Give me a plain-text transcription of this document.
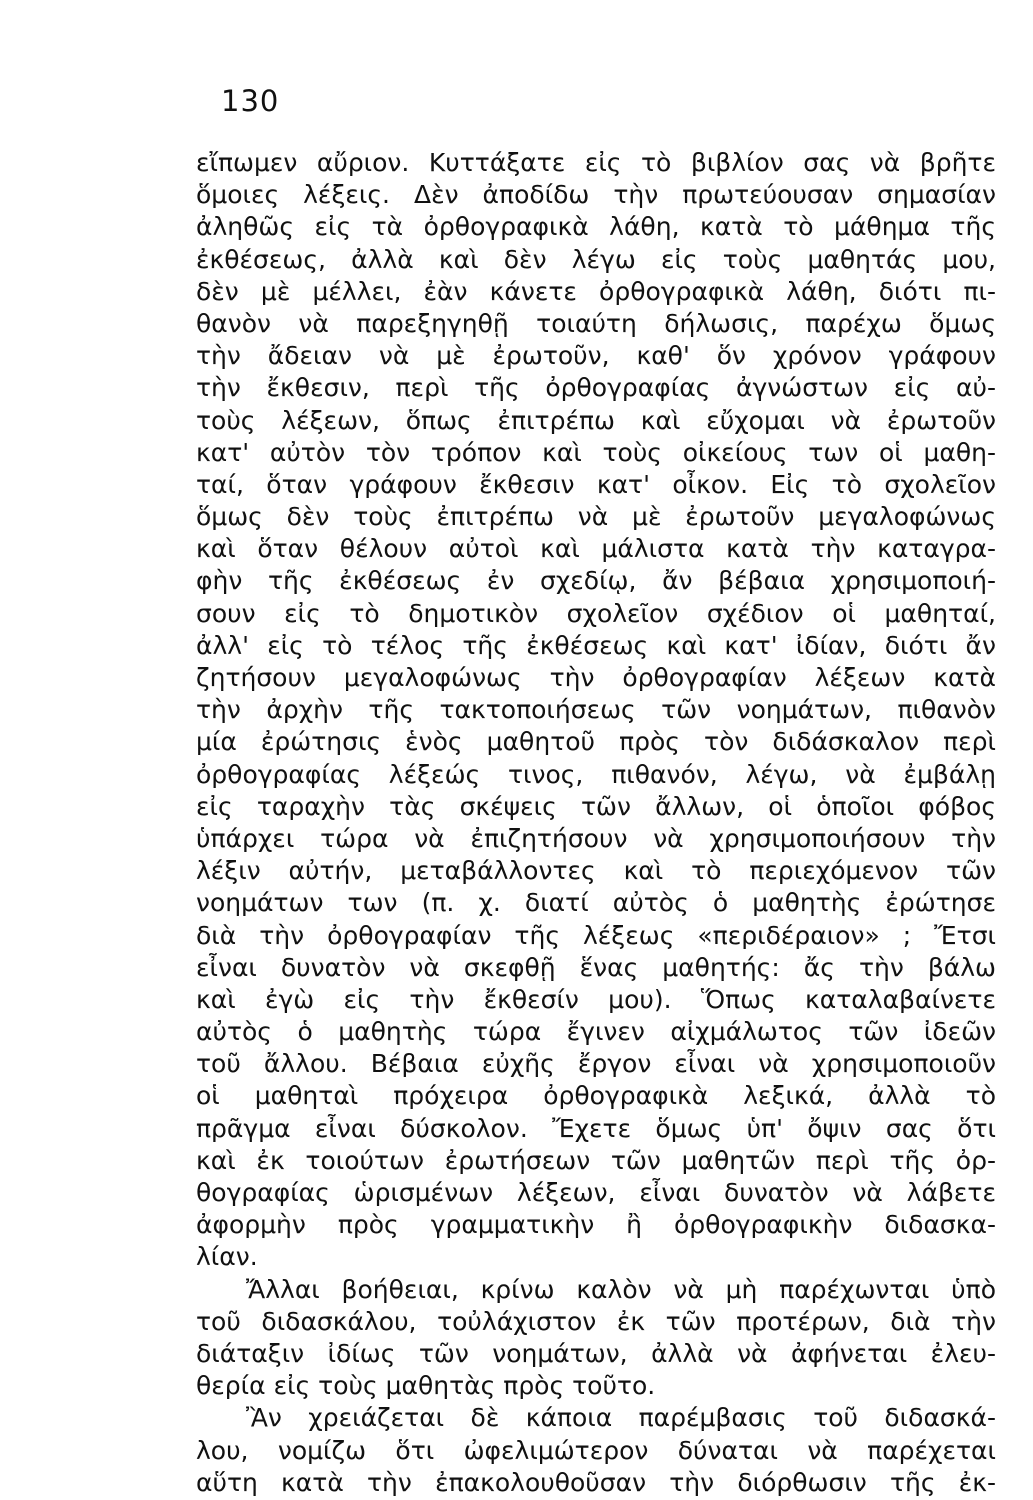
130
εἴπωμεν αὔριον. Κυττάξατε εἰς τὸ βιβλίον σας νὰ βρῆτε
ὅμοιες λέξεις. Δὲν ἀποδίδω τὴν πρωτεύουσαν σημασίαν
ἀληθῶς εἰς τὰ ὀρθογραφικὰ λάθη, κατὰ τὸ μάθημα τῆς
ἐκθέσεως, ἀλλὰ καὶ δὲν λέγω εἰς τοὺς μαθητάς μου,
δὲν μὲ μέλλει, ἐὰν κάνετε ὀρθογραφικὰ λάθη, διότι πι-
θανὸν νὰ παρεξηγηθῇ τοιαύτη δήλωσις, παρέχω ὅμως
τὴν ἄδειαν νὰ μὲ ἐρωτοῦν, καθ' ὅν χρόνον γράφουν
τὴν ἔκθεσιν, περὶ τῆς ὀρθογραφίας ἀγνώστων εἰς αὐ-
τοὺς λέξεων, ὅπως ἐπιτρέπω καὶ εὔχομαι νὰ ἐρωτοῦν
κατ' αὐτὸν τὸν τρόπον καὶ τοὺς οἰκείους των οἱ μαθη-
ταί, ὅταν γράφουν ἔκθεσιν κατ' οἶκον. Εἰς τὸ σχολεῖον
ὅμως δὲν τοὺς ἐπιτρέπω νὰ μὲ ἐρωτοῦν μεγαλοφώνως
καὶ ὅταν θέλουν αὐτοὶ καὶ μάλιστα κατὰ τὴν καταγρα-
φὴν τῆς ἐκθέσεως ἐν σχεδίῳ, ἄν βέβαια χρησιμοποιή-
σουν εἰς τὸ δημοτικὸν σχολεῖον σχέδιον οἱ μαθηταί,
ἀλλ' εἰς τὸ τέλος τῆς ἐκθέσεως καὶ κατ' ἰδίαν, διότι ἄν
ζητήσουν μεγαλοφώνως τὴν ὀρθογραφίαν λέξεων κατὰ
τὴν ἀρχὴν τῆς τακτοποιήσεως τῶν νοημάτων, πιθανὸν
μία ἐρώτησις ἑνὸς μαθητοῦ πρὸς τὸν διδάσκαλον περὶ
ὀρθογραφίας λέξεώς τινος, πιθανόν, λέγω, νὰ ἐμβάλῃ
εἰς ταραχὴν τὰς σκέψεις τῶν ἄλλων, οἱ ὁποῖοι φόβος
ὑπάρχει τώρα νὰ ἐπιζητήσουν νὰ χρησιμοποιήσουν τὴν
λέξιν αὐτήν, μεταβάλλοντες καὶ τὸ περιεχόμενον τῶν
νοημάτων των (π. χ. διατί αὐτὸς ὁ μαθητὴς ἐρώτησε
διὰ τὴν ὀρθογραφίαν τῆς λέξεως «περιδέραιον» ; Ἔτσι
εἶναι δυνατὸν νὰ σκεφθῇ ἕνας μαθητής: ἄς τὴν βάλω
καὶ ἐγὼ εἰς τὴν ἔκθεσίν μου). Ὅπως καταλαβαίνετε
αὐτὸς ὁ μαθητὴς τώρα ἔγινεν αἰχμάλωτος τῶν ἰδεῶν
τοῦ ἄλλου. Βέβαια εὐχῆς ἔργον εἶναι νὰ χρησιμοποιοῦν
οἱ μαθηταὶ πρόχειρα ὀρθογραφικὰ λεξικά, ἀλλὰ τὸ
πρᾶγμα εἶναι δύσκολον. Ἔχετε ὅμως ὑπ' ὄψιν σας ὅτι
καὶ ἐκ τοιούτων ἐρωτήσεων τῶν μαθητῶν περὶ τῆς ὀρ-
θογραφίας ὡρισμένων λέξεων, εἶναι δυνατὸν νὰ λάβετε
ἀφορμὴν πρὸς γραμματικὴν ἢ ὀρθογραφικὴν διδασκα-
λίαν.
Ἄλλαι βοήθειαι, κρίνω καλὸν νὰ μὴ παρέχωνται ὑπὸ
τοῦ διδασκάλου, τοὐλάχιστον ἐκ τῶν προτέρων, διὰ τὴν
διάταξιν ἰδίως τῶν νοημάτων, ἀλλὰ νὰ ἀφήνεται ἐλευ-
θερία εἰς τοὺς μαθητὰς πρὸς τοῦτο.
Ἂν χρειάζεται δὲ κάποια παρέμβασις τοῦ διδασκά-
λου, νομίζω ὅτι ὠφελιμώτερον δύναται νὰ παρέχεται
αὕτη κατὰ τὴν ἐπακολουθοῦσαν τὴν διόρθωσιν τῆς ἐκ-
